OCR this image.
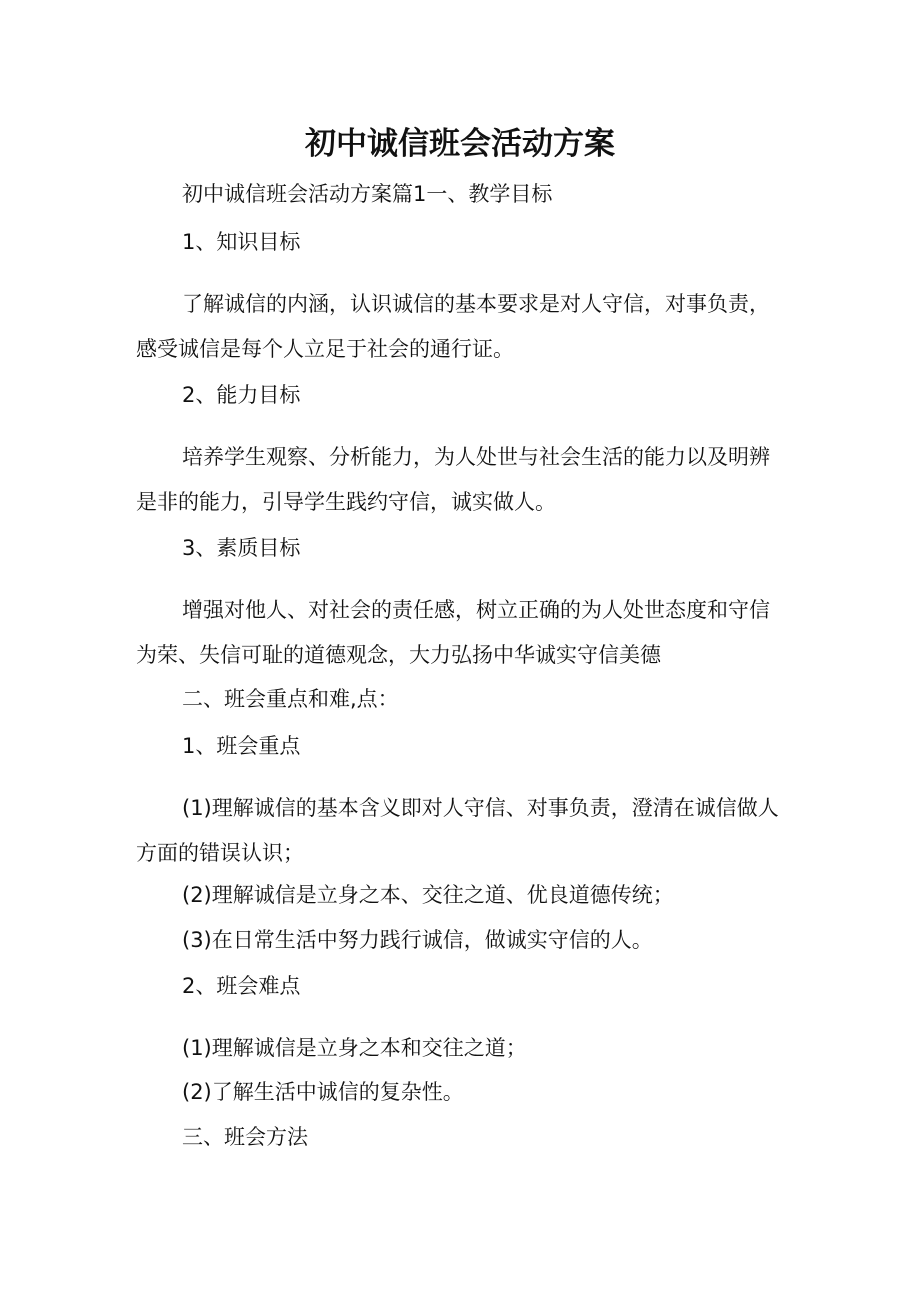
初中诚信班会活动方案
初中诚信班会活动方案篇1一、教学目标
1、知识目标
了解诚信的内涵，认识诚信的基本要求是对人守信，对事负责，
感受诚信是每个人立足于社会的通行证。
2、能力目标
培养学生观察、分析能力，为人处世与社会生活的能力以及明辨
是非的能力，引导学生践约守信，诚实做人。
3、素质目标
增强对他人、对社会的责任感，树立正确的为人处世态度和守信
为荣、失信可耻的道德观念，大力弘扬中华诚实守信美德
二、班会重点和难,点：
1、班会重点
(1)理解诚信的基本含义即对人守信、对事负责，澄清在诚信做人
方面的错误认识；
(2)理解诚信是立身之本、交往之道、优良道德传统；
(3)在日常生活中努力践行诚信，做诚实守信的人。
2、班会难点
(1)理解诚信是立身之本和交往之道；
(2)了解生活中诚信的复杂性。
三、班会方法
